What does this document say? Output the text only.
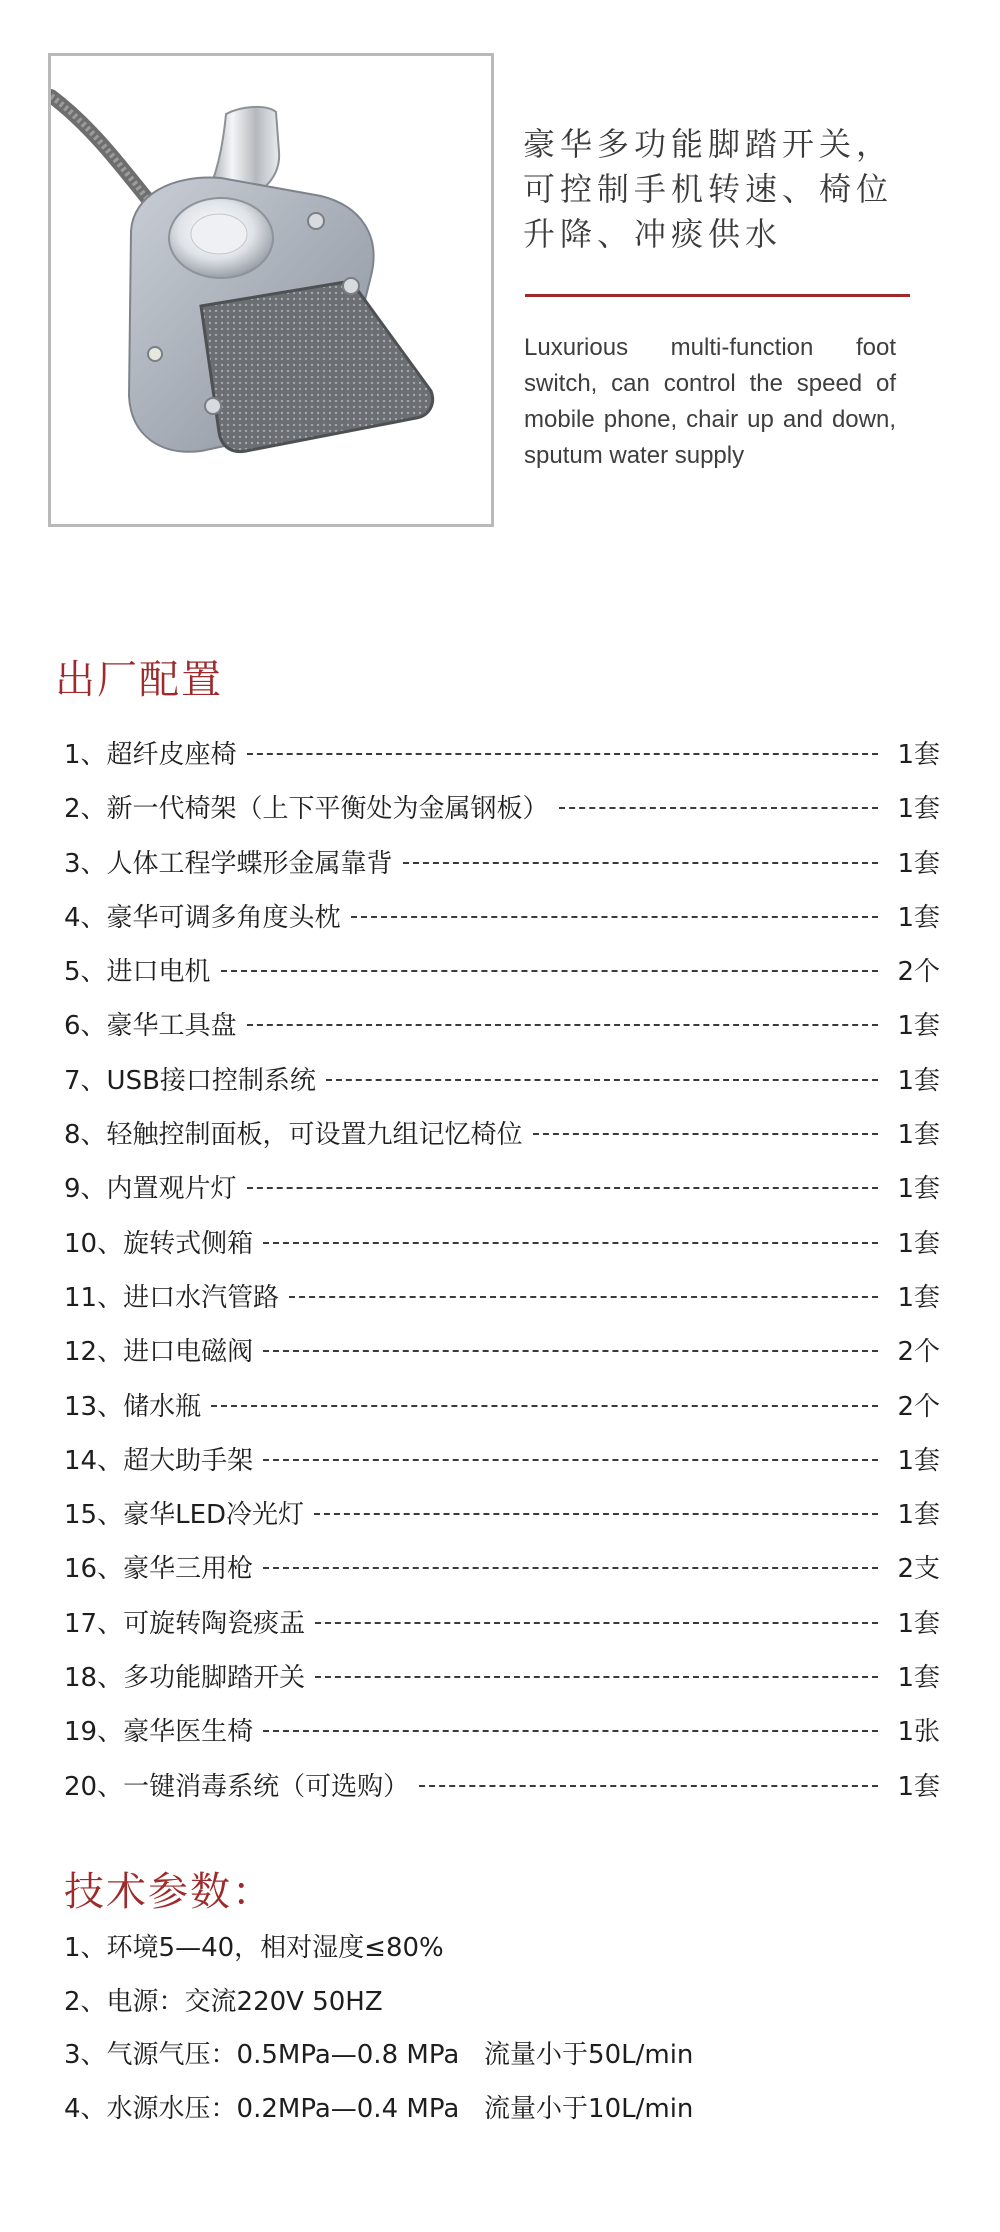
豪华多功能脚踏开关，可控制手机转速、椅位升降、冲痰供水

Luxurious multi-function foot switch, can control the speed of mobile phone, chair up and down, sputum water supply

出厂配置
1、超纤皮座椅	1套
2、新一代椅架（上下平衡处为金属钢板）	1套
3、人体工程学蝶形金属靠背	1套
4、豪华可调多角度头枕	1套
5、进口电机	2个
6、豪华工具盘	1套
7、USB接口控制系统	1套
8、轻触控制面板，可设置九组记忆椅位	1套
9、内置观片灯	1套
10、旋转式侧箱	1套
11、进口水汽管路	1套
12、进口电磁阀	2个
13、储水瓶	2个
14、超大助手架	1套
15、豪华LED冷光灯	1套
16、豪华三用枪	2支
17、可旋转陶瓷痰盂	1套
18、多功能脚踏开关	1套
19、豪华医生椅	1张
20、一键消毒系统（可选购）	1套
技术参数：
1、环境5—40，相对湿度≤80%
2、电源：交流220V 50HZ
3、气源气压：0.5MPa—0.8 MPa   流量小于50L/min
4、水源水压：0.2MPa—0.4 MPa   流量小于10L/min
